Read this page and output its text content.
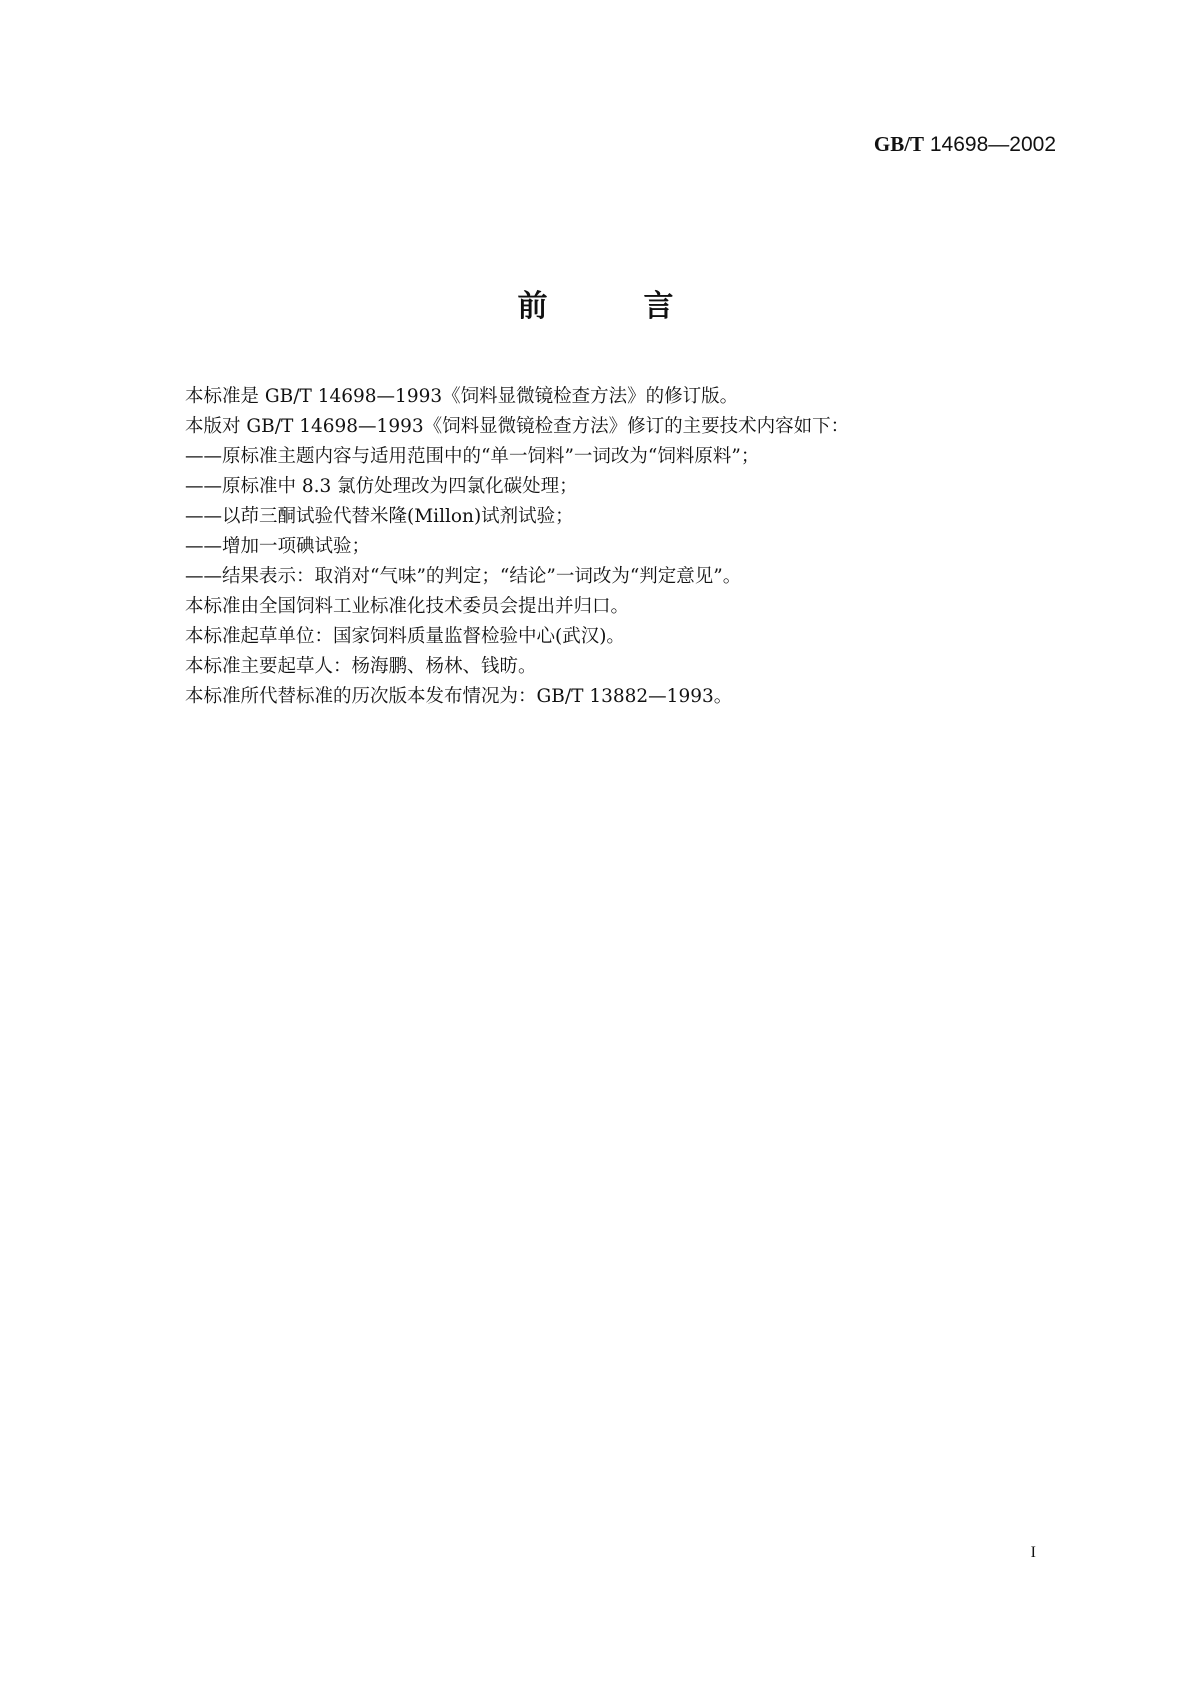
GB/T 14698—2002
前	言
本标准是 GB/T 14698—1993《饲料显微镜检查方法》的修订版。
本版对 GB/T 14698—1993《饲料显微镜检查方法》修订的主要技术内容如下：
——原标准主题内容与适用范围中的“单一饲料”一词改为“饲料原料”；
——原标准中 8.3 氯仿处理改为四氯化碳处理；
——以茚三酮试验代替米隆(Millon)试剂试验；
——增加一项碘试验；
——结果表示：取消对“气味”的判定；“结论”一词改为“判定意见”。
本标准由全国饲料工业标准化技术委员会提出并归口。
本标准起草单位：国家饲料质量监督检验中心(武汉)。
本标准主要起草人：杨海鹏、杨林、钱昉。
本标准所代替标准的历次版本发布情况为：GB/T 13882—1993。
I
